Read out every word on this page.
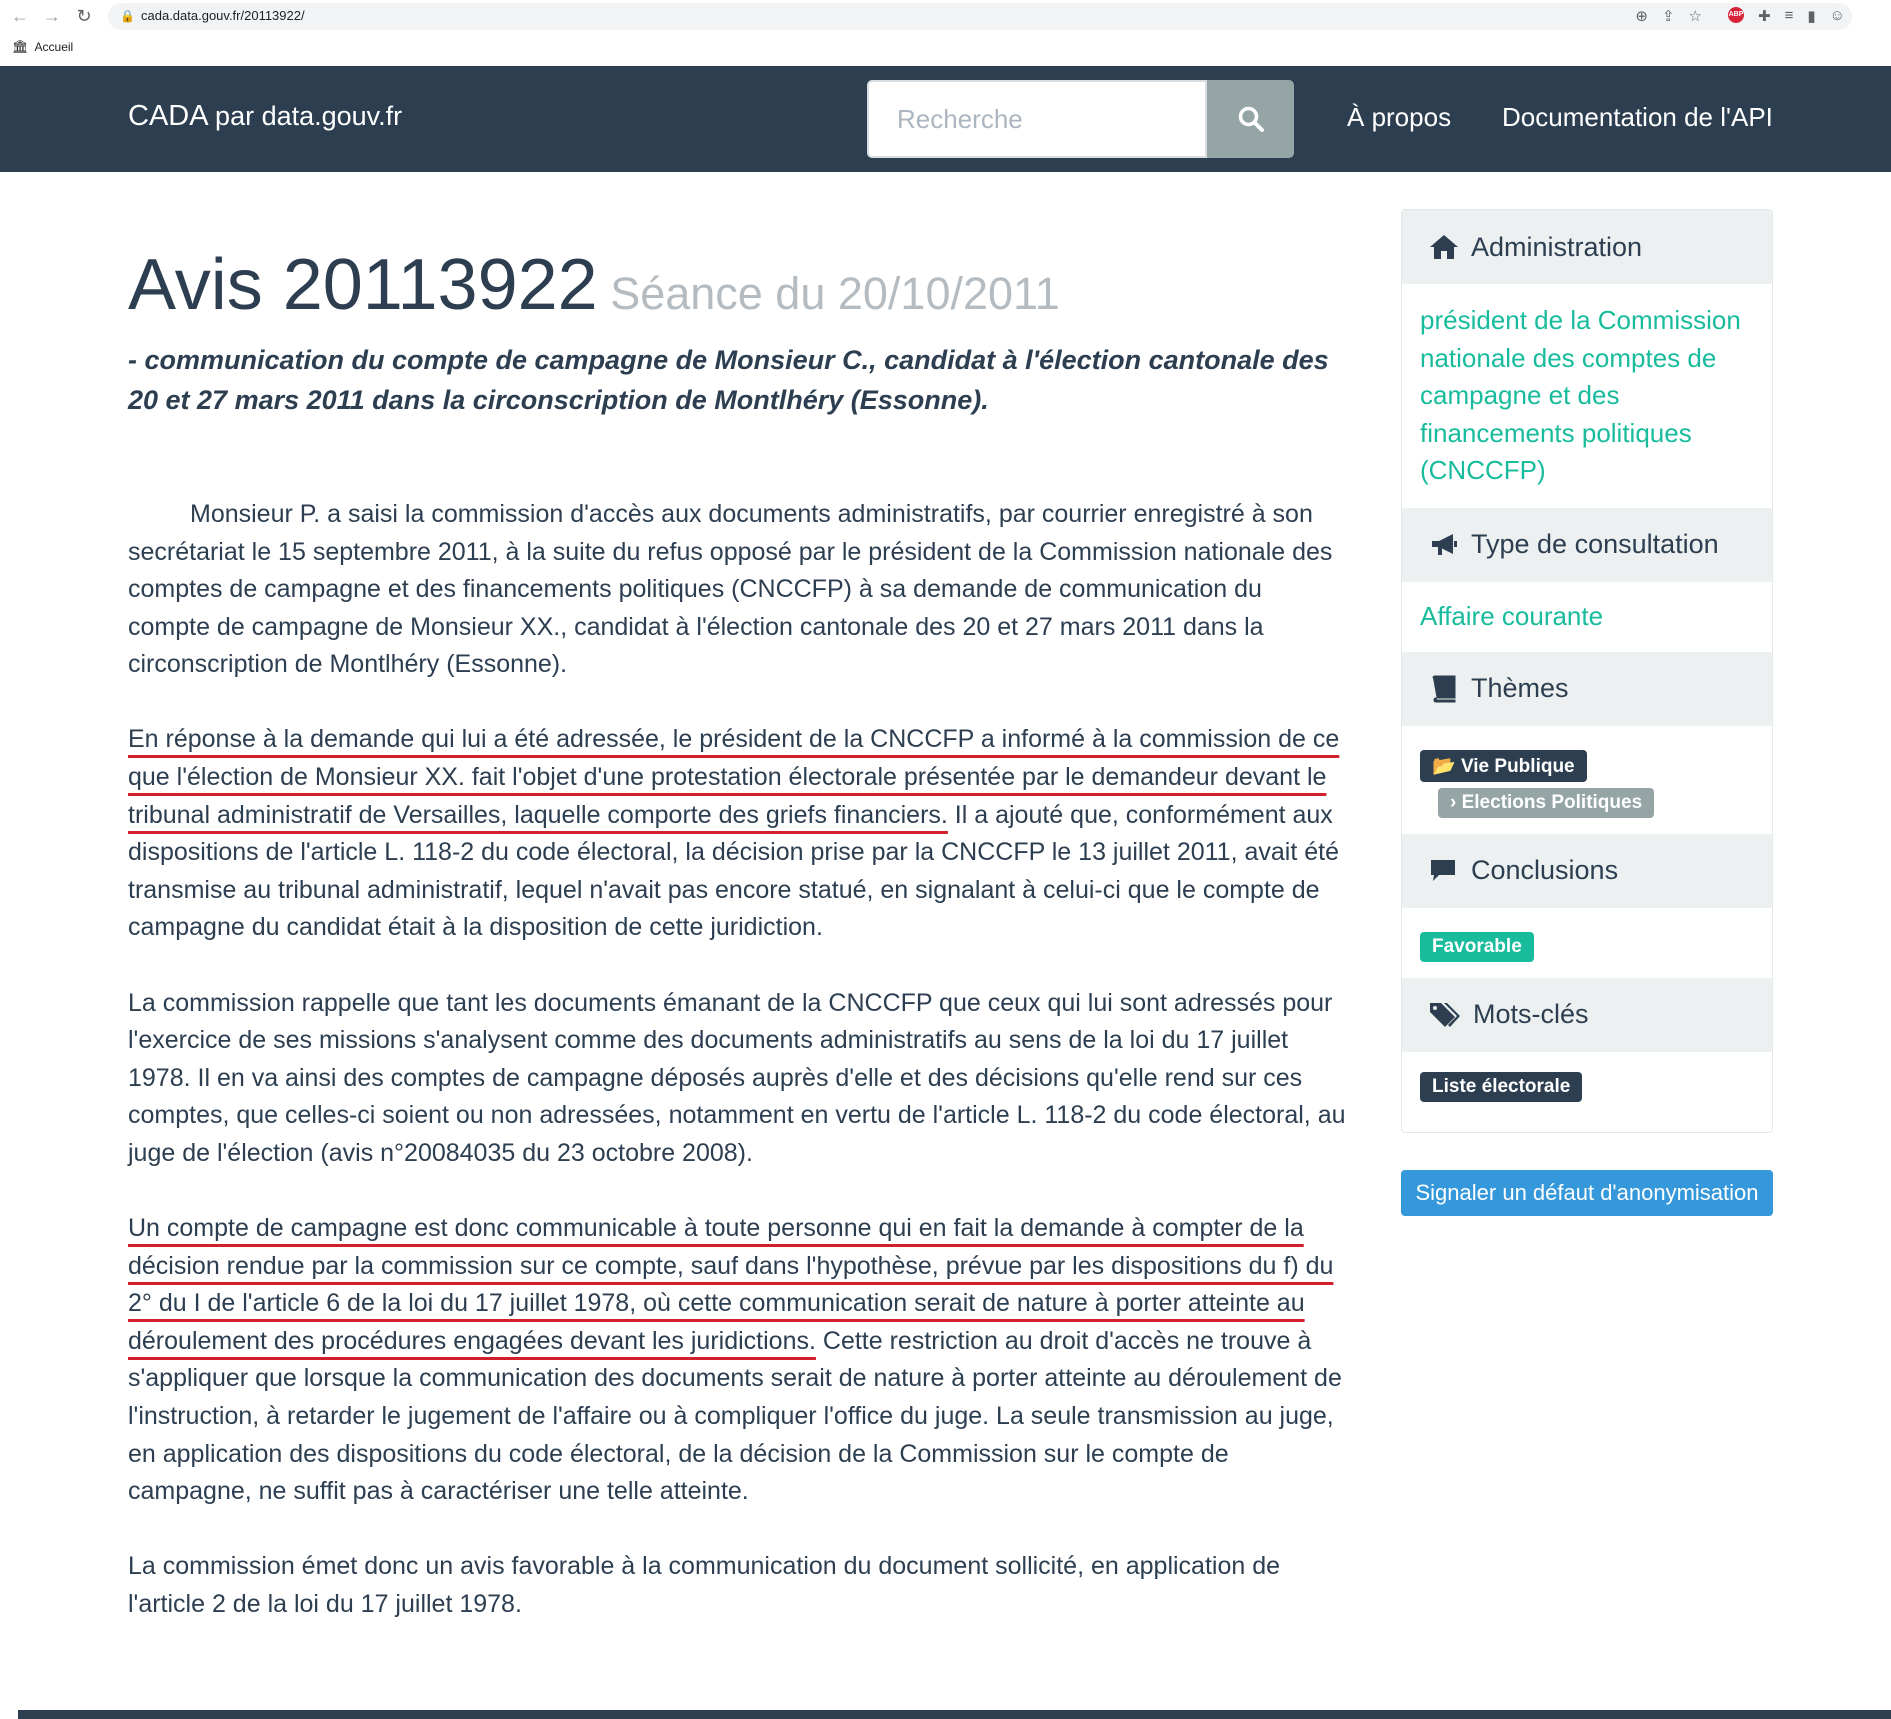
← → ↻ 🔒 cada.data.gouv.fr/20113922/	⊕ ⇪ ☆	ABP ✚ ≡ ▮ ☺
🏛 Accueil
CADA par data.gouv.fr
Recherche	À propos Documentation de l'API
Avis 20113922 Séance du 20/10/2011
- communication du compte de campagne de Monsieur C., candidat à l'élection cantonale des 20 et 27 mars 2011 dans la circonscription de Montlhéry (Essonne).

Monsieur P. a saisi la commission d'accès aux documents administratifs, par courrier enregistré à son secrétariat le 15 septembre 2011, à la suite du refus opposé par le président de la Commission nationale des comptes de campagne et des financements politiques (CNCCFP) à sa demande de communication du compte de campagne de Monsieur XX., candidat à l'élection cantonale des 20 et 27 mars 2011 dans la circonscription de Montlhéry (Essonne).

En réponse à la demande qui lui a été adressée, le président de la CNCCFP a informé à la commission de ce que l'élection de Monsieur XX. fait l'objet d'une protestation électorale présentée par le demandeur devant le tribunal administratif de Versailles, laquelle comporte des griefs financiers. Il a ajouté que, conformément aux dispositions de l'article L. 118-2 du code électoral, la décision prise par la CNCCFP le 13 juillet 2011, avait été transmise au tribunal administratif, lequel n'avait pas encore statué, en signalant à celui-ci que le compte de campagne du candidat était à la disposition de cette juridiction.

La commission rappelle que tant les documents émanant de la CNCCFP que ceux qui lui sont adressés pour l'exercice de ses missions s'analysent comme des documents administratifs au sens de la loi du 17 juillet 1978. Il en va ainsi des comptes de campagne déposés auprès d'elle et des décisions qu'elle rend sur ces comptes, que celles-ci soient ou non adressées, notamment en vertu de l'article L. 118-2 du code électoral, au juge de l'élection (avis n°20084035 du 23 octobre 2008).

Un compte de campagne est donc communicable à toute personne qui en fait la demande à compter de la décision rendue par la commission sur ce compte, sauf dans l'hypothèse, prévue par les dispositions du f) du 2° du I de l'article 6 de la loi du 17 juillet 1978, où cette communication serait de nature à porter atteinte au déroulement des procédures engagées devant les juridictions. Cette restriction au droit d'accès ne trouve à s'appliquer que lorsque la communication des documents serait de nature à porter atteinte au déroulement de l'instruction, à retarder le jugement de l'affaire ou à compliquer l'office du juge. La seule transmission au juge, en application des dispositions du code électoral, de la décision de la Commission sur le compte de campagne, ne suffit pas à caractériser une telle atteinte.

La commission émet donc un avis favorable à la communication du document sollicité, en application de l'article 2 de la loi du 17 juillet 1978.

Administration
président de la Commission nationale des comptes de campagne et des financements politiques (CNCCFP)
Type de consultation
Affaire courante
Thèmes
📂 Vie Publique
› Elections Politiques
Conclusions
Favorable
Mots-clés
Liste électorale
Signaler un défaut d'anonymisation
